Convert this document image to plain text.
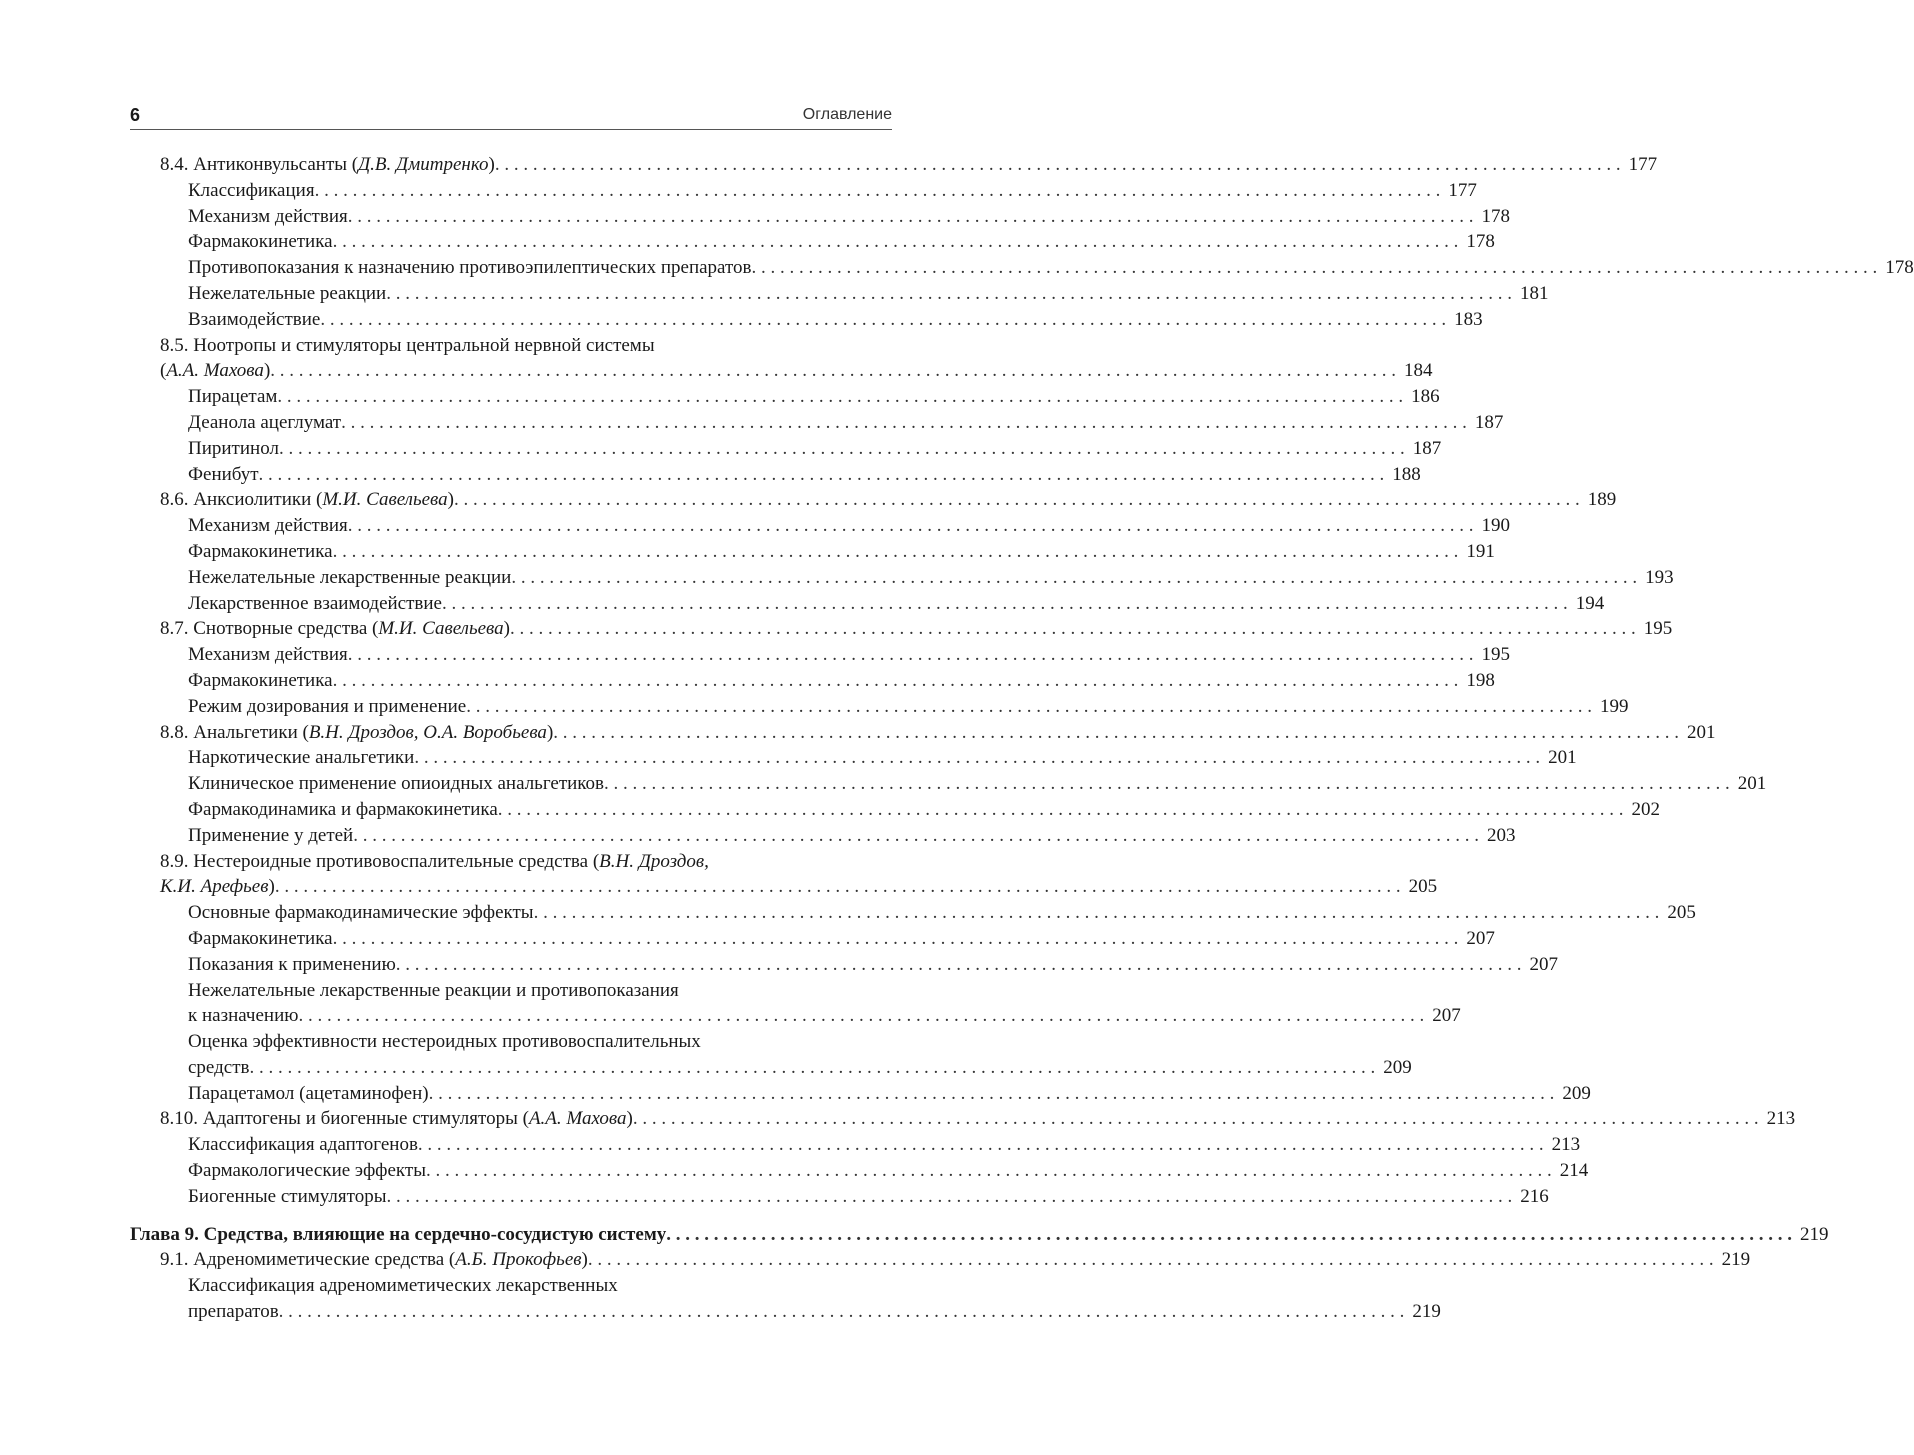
6	Оглавление
8.4. Антиконвульсанты (Д.В. Дмитренко) . . .	177
Классификация . . .	177
Механизм действия . . .	178
Фармакокинетика . . .	178
Противопоказания к назначению противоэпилептических препаратов . . .	178
Нежелательные реакции . . .	181
Взаимодействие . . .	183
8.5. Ноотропы и стимуляторы центральной нервной системы
(А.А. Махова) . . .	184
Пирацетам . . .	186
Деанола ацеглумат . . .	187
Пиритинол . . .	187
Фенибут . . .	188
8.6. Анксиолитики (М.И. Савельева) . . .	189
Механизм действия . . .	190
Фармакокинетика . . .	191
Нежелательные лекарственные реакции . . .	193
Лекарственное взаимодействие . . .	194
8.7. Снотворные средства (М.И. Савельева) . . .	195
Механизм действия . . .	195
Фармакокинетика . . .	198
Режим дозирования и применение . . .	199
8.8. Анальгетики (В.Н. Дроздов, О.А. Воробьева) . . .	201
Наркотические анальгетики . . .	201
Клиническое применение опиоидных анальгетиков . . .	201
Фармакодинамика и фармакокинетика . . .	202
Применение у детей . . .	203
8.9. Нестероидные противовоспалительные средства (В.Н. Дроздов,
К.И. Арефьев) . . .	205
Основные фармакодинамические эффекты . . .	205
Фармакокинетика . . .	207
Показания к применению . . .	207
Нежелательные лекарственные реакции и противопоказания
к назначению . . .	207
Оценка эффективности нестероидных противовоспалительных
средств . . .	209
Парацетамол (ацетаминофен) . . .	209
8.10. Адаптогены и биогенные стимуляторы (А.А. Махова) . . .	213
Классификация адаптогенов . . .	213
Фармакологические эффекты . . .	214
Биогенные стимуляторы . . .	216
Глава 9. Средства, влияющие на сердечно-сосудистую систему . . .	219
9.1. Адреномиметические средства (А.Б. Прокофьев) . . .	219
Классификация адреномиметических лекарственных
препаратов . . .	219
